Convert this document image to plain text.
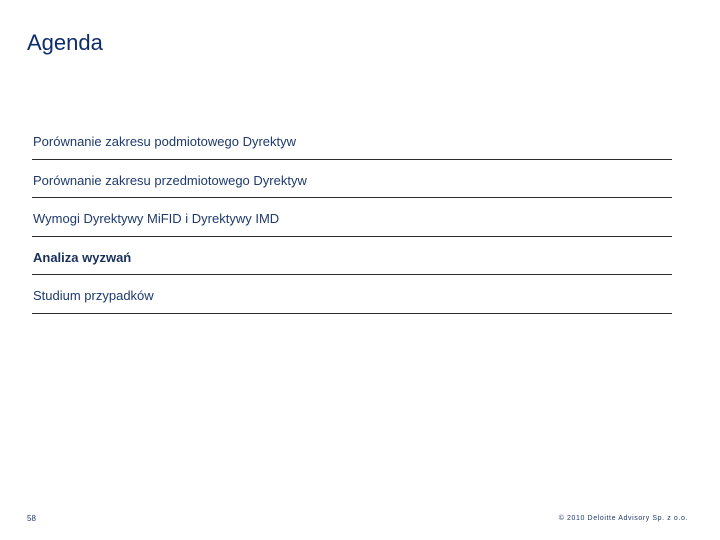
Agenda
Porównanie zakresu podmiotowego Dyrektyw
Porównanie zakresu przedmiotowego Dyrektyw
Wymogi Dyrektywy MiFID i Dyrektywy IMD
Analiza wyzwań
Studium przypadków
58	© 2010 Deloitte Advisory Sp. z o.o.
